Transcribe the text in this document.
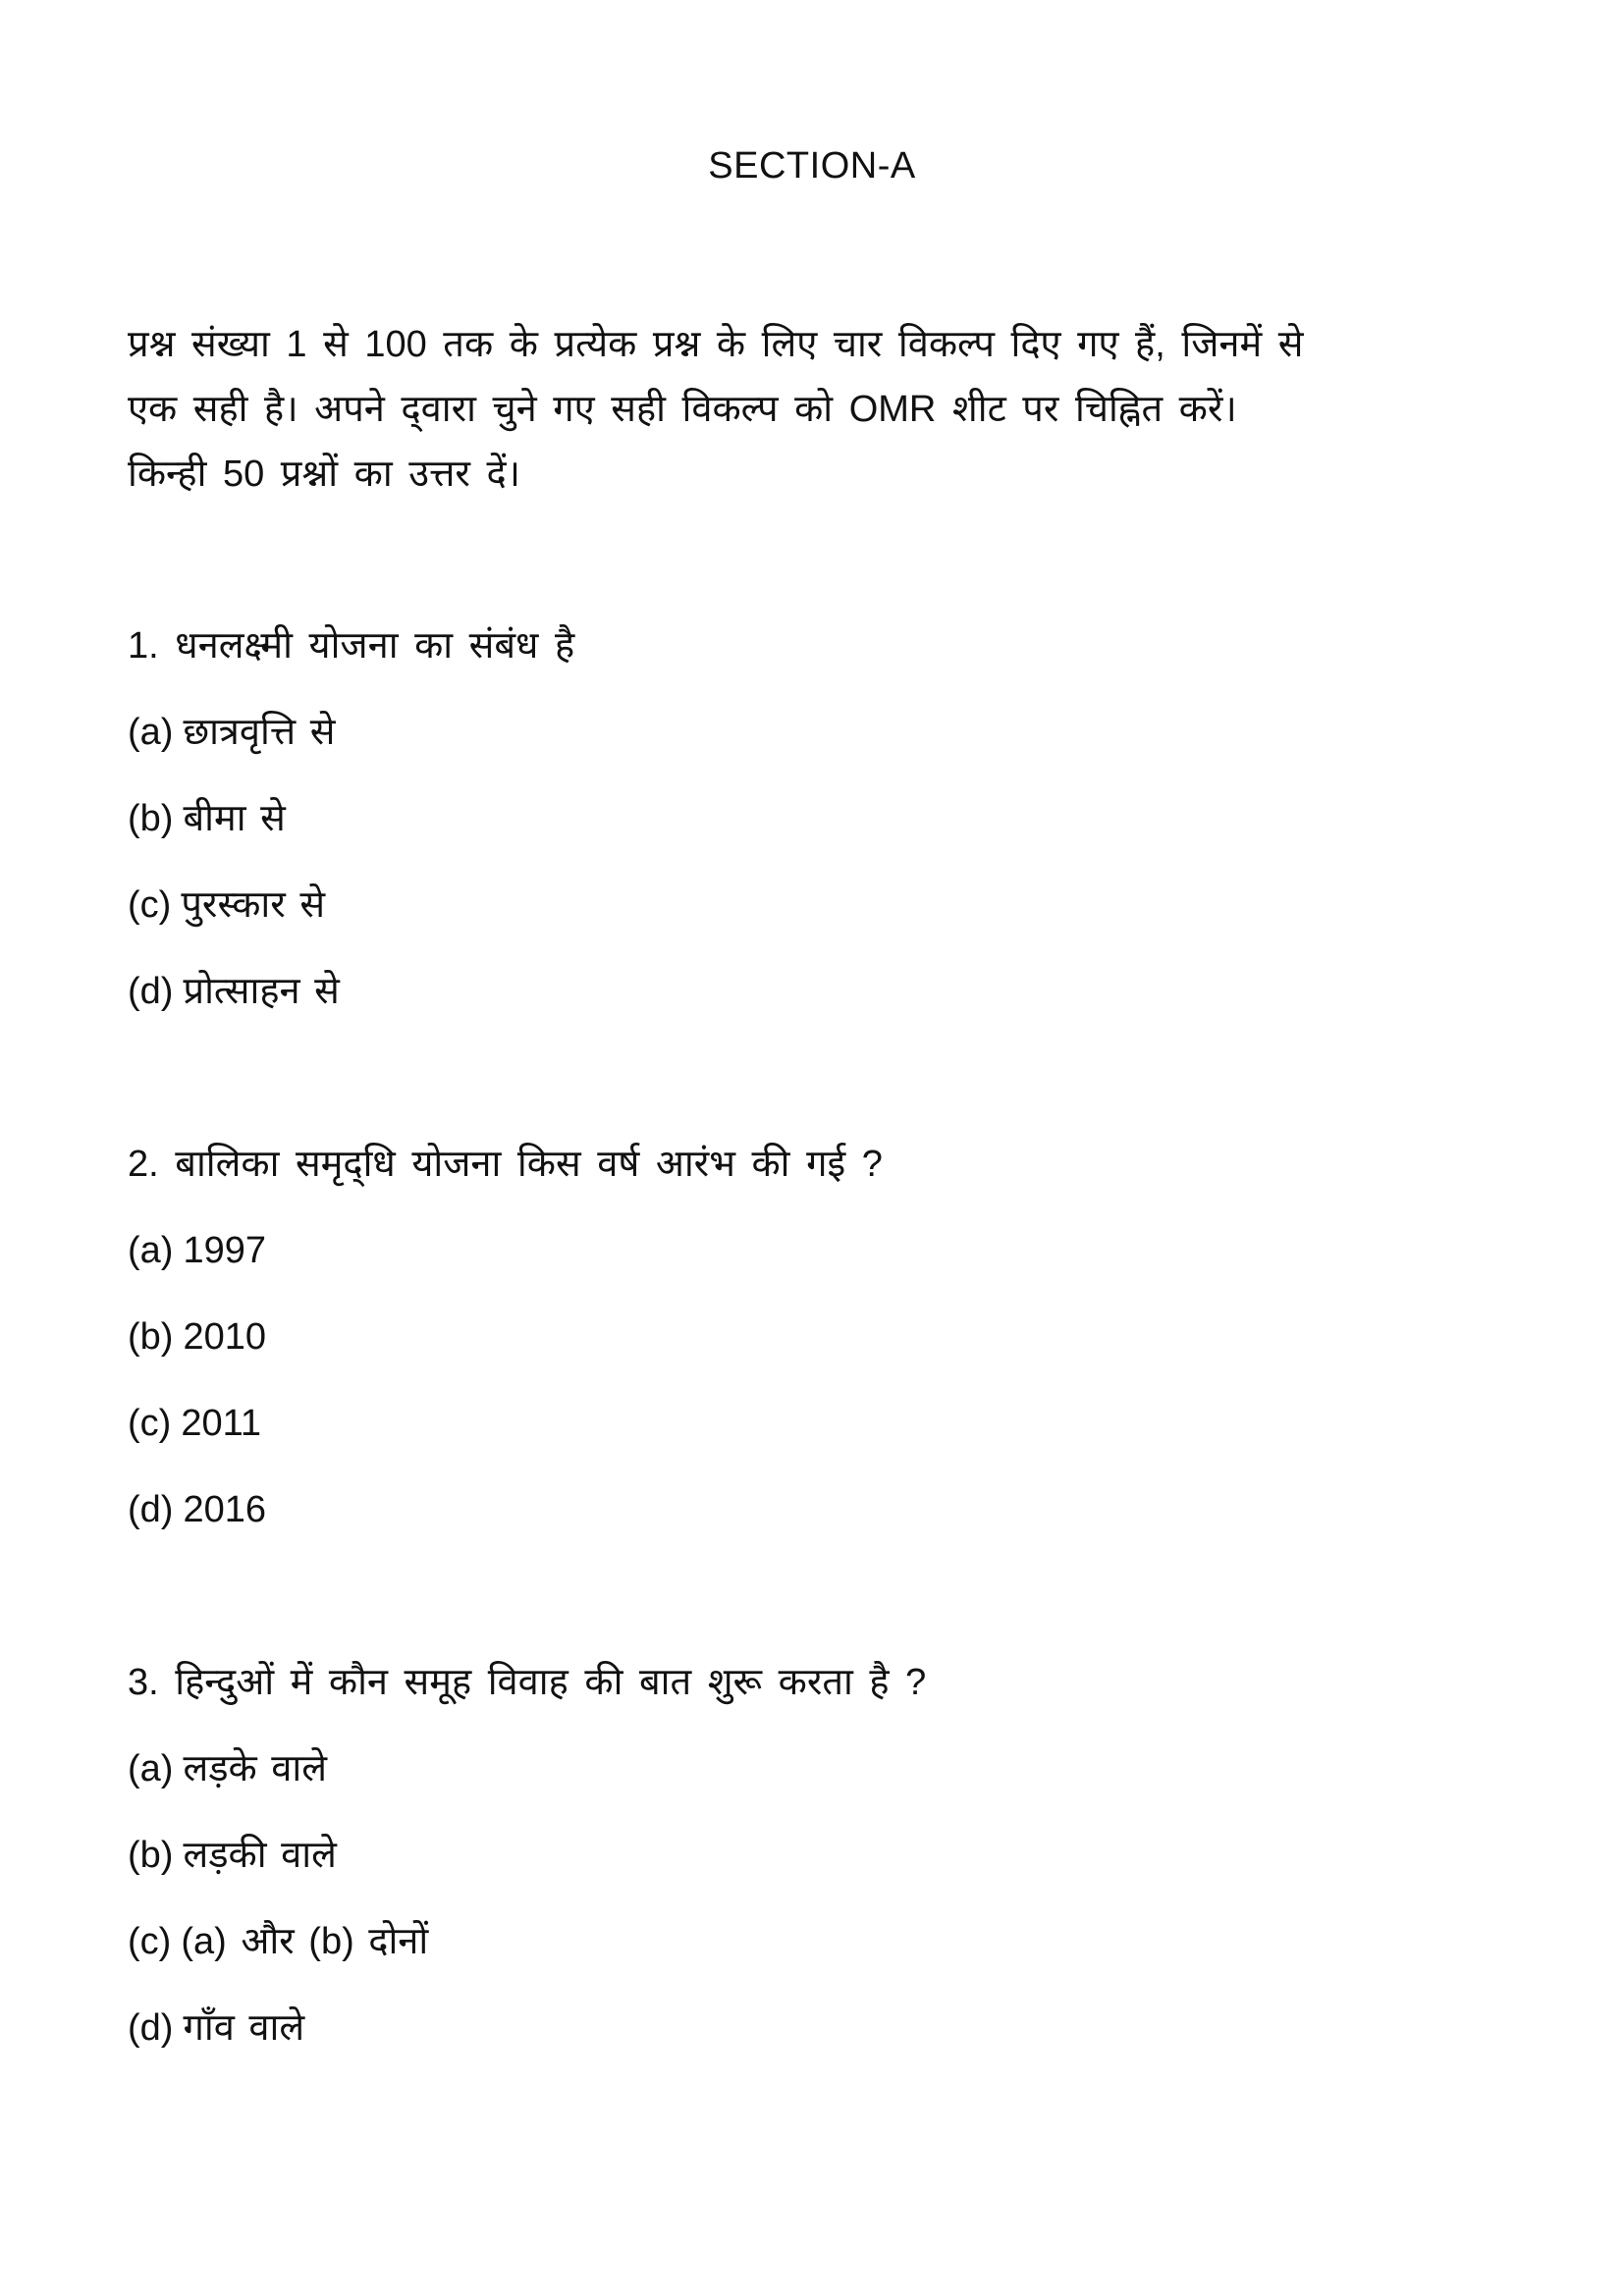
SECTION-A
प्रश्न संख्या 1 से 100 तक के प्रत्येक प्रश्न के लिए चार विकल्प दिए गए हैं, जिनमें से
एक सही है। अपने द्‌वारा चुने गए सही विकल्प को OMR शीट पर चिह्नित करें।
किन्ही 50 प्रश्नों का उत्तर दें।
1. धनलक्ष्मी योजना का संबंध है
(a) छात्रवृत्ति से
(b) बीमा से
(c) पुरस्कार से
(d) प्रोत्साहन से
2. बालिका समृद्‌धि योजना किस वर्ष आरंभ की गई ?
(a) 1997
(b) 2010
(c) 2011
(d) 2016
3. हिन्दुओं में कौन समूह विवाह की बात शुरू करता है ?
(a) लड़के वाले
(b) लड़की वाले
(c) (a) और (b) दोनों
(d) गाँव वाले
